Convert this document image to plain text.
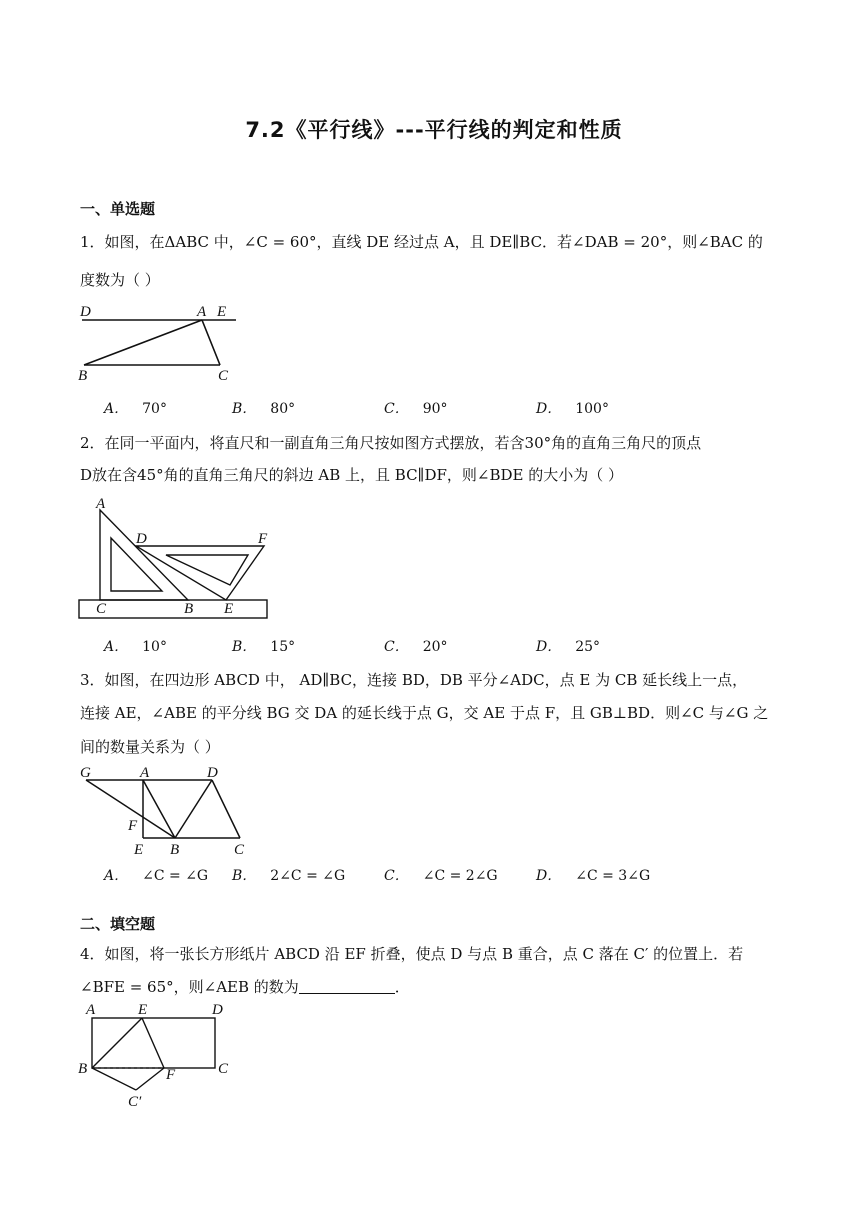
7.2《平行线》---平行线的判定和性质
一、单选题
1．如图，在ΔABC 中，∠C = 60°，直线 DE 经过点 A，且 DE∥BC．若∠DAB = 20°，则∠BAC 的
度数为（ ）
D	A E
B	C
A． 70°	B． 80°	C． 90°	D． 100°
2．在同一平面内，将直尺和一副直角三角尺按如图方式摆放，若含30°角的直角三角尺的顶点
D放在含45°角的直角三角尺的斜边 AB 上，且 BC∥DF，则∠BDE 的大小为（ ）
A
D	F
C	B E
A． 10°	B． 15°	C． 20°	D． 25°
3．如图，在四边形 ABCD 中， AD∥BC，连接 BD，DB 平分∠ADC，点 E 为 CB 延长线上一点，
连接 AE，∠ABE 的平分线 BG 交 DA 的延长线于点 G，交 AE 于点 F，且 GB⊥BD．则∠C 与∠G 之
间的数量关系为（ ）
G	A	D
F
E B	C
A． ∠C = ∠G B． 2∠C = ∠G	C． ∠C = 2∠G	D． ∠C = 3∠G
二、填空题
4．如图，将一张长方形纸片 ABCD 沿 EF 折叠，使点 D 与点 B 重合，点 C 落在 C′ 的位置上．若
∠BFE = 65°，则∠AEB 的数为	．
A	E	D
B	F	C
C′
